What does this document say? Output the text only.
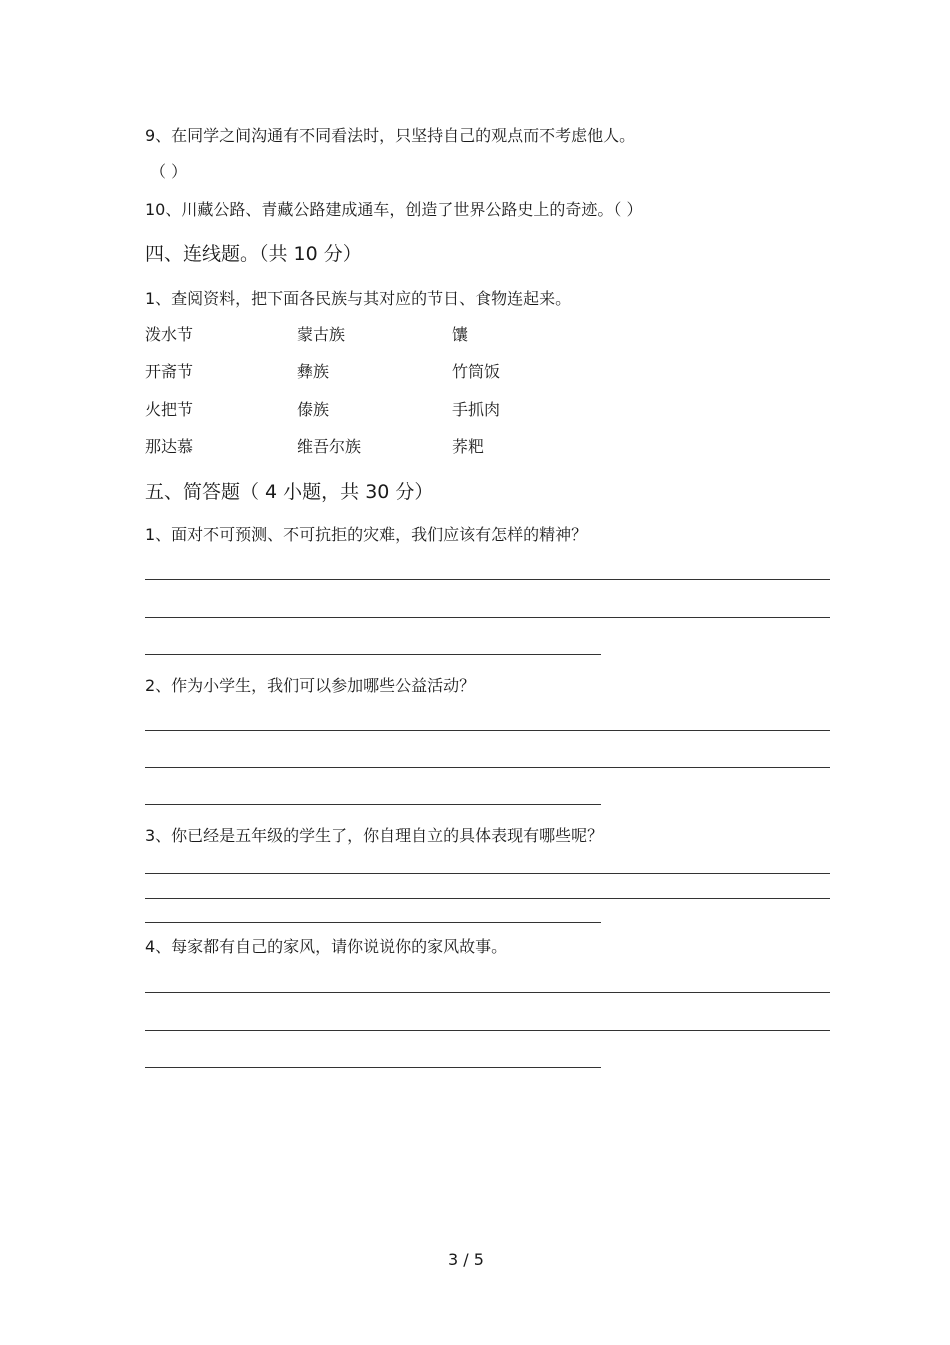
9、在同学之间沟通有不同看法时，只坚持自己的观点而不考虑他人。
（ ）
10、川藏公路、青藏公路建成通车，创造了世界公路史上的奇迹。（ ）
四、连线题。（共 10 分）
1、查阅资料，把下面各民族与其对应的节日、食物连起来。
泼水节	蒙古族	馕
开斋节	彝族	竹筒饭
火把节	傣族	手抓肉
那达慕	维吾尔族	荞粑
五、简答题（ 4 小题，共 30 分）
1、面对不可预测、不可抗拒的灾难，我们应该有怎样的精神？
2、作为小学生，我们可以参加哪些公益活动？
3、你已经是五年级的学生了，你自理自立的具体表现有哪些呢？
4、每家都有自己的家风，请你说说你的家风故事。
3 / 5
